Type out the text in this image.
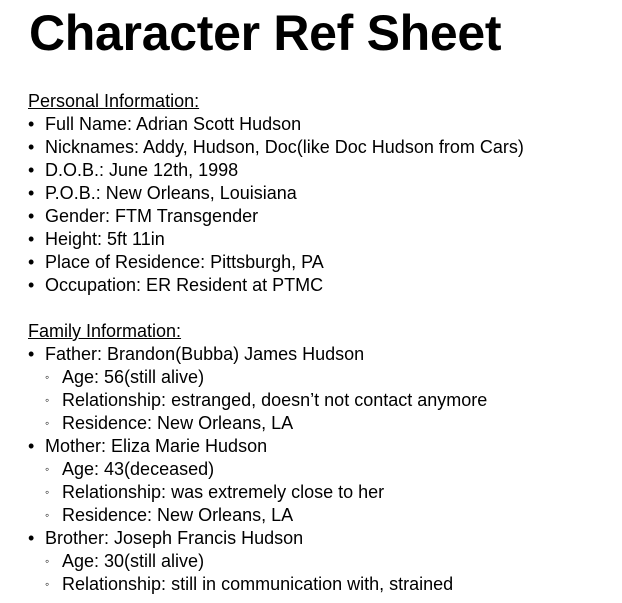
Character Ref Sheet
Personal Information:
• Full Name: Adrian Scott Hudson
• Nicknames: Addy, Hudson, Doc(like Doc Hudson from Cars)
• D.O.B.: June 12th, 1998
• P.O.B.: New Orleans, Louisiana
• Gender: FTM Transgender
• Height: 5ft 11in
• Place of Residence: Pittsburgh, PA
• Occupation: ER Resident at PTMC
Family Information:
• Father: Brandon(Bubba) James Hudson
◦ Age: 56(still alive)
◦ Relationship: estranged, doesn’t not contact anymore
◦ Residence: New Orleans, LA
• Mother: Eliza Marie Hudson
◦ Age: 43(deceased)
◦ Relationship: was extremely close to her
◦ Residence: New Orleans, LA
• Brother: Joseph Francis Hudson
◦ Age: 30(still alive)
◦ Relationship: still in communication with, strained
